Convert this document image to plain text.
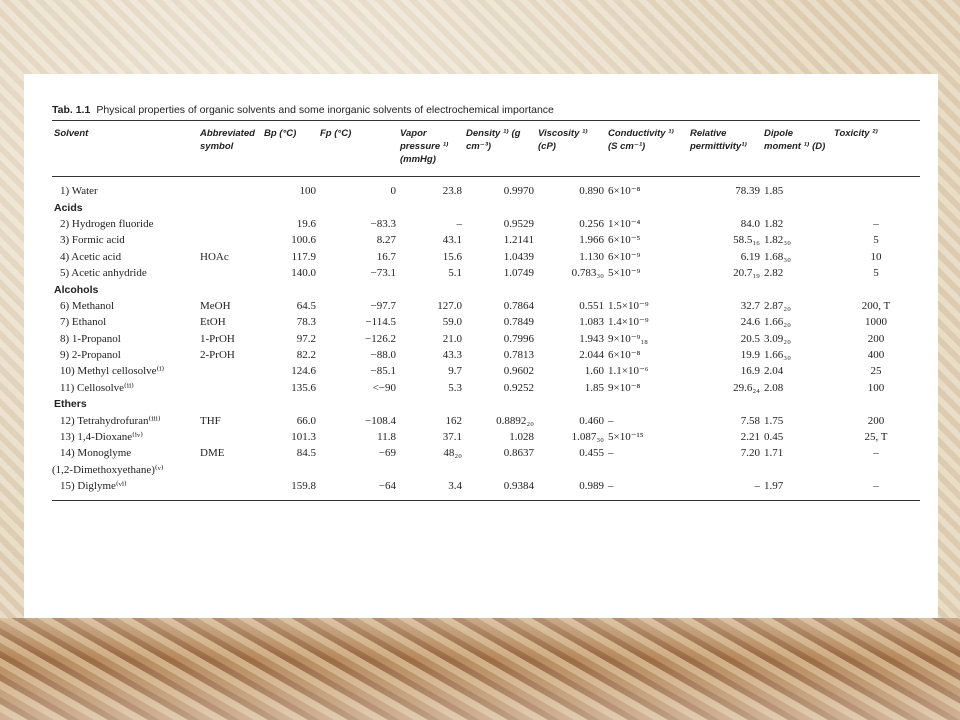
Tab. 1.1 Physical properties of organic solvents and some inorganic solvents of electrochemical importance
Solvent	Abbreviated symbol	Bp (°C)	Fp (°C)	Vapor pressure ¹⁾ (mmHg)	Density ¹⁾ (g cm⁻³)	Viscosity ¹⁾ (cP)	Conductivity ¹⁾ (S cm⁻¹)	Relative permittivity¹⁾	Dipole moment ¹⁾ (D)	Toxicity ²⁾
1) Water		100	0	23.8	0.9970	0.890	6×10⁻⁸	78.39	1.85	
Acids										
2) Hydrogen fluoride		19.6	−83.3	–	0.9529	0.256	1×10⁻⁴	84.0	1.82	–
3) Formic acid		100.6	8.27	43.1	1.2141	1.966	6×10⁻⁵	58.5₁₆	1.82₃₀	5
4) Acetic acid	HOAc	117.9	16.7	15.6	1.0439	1.130	6×10⁻⁹	6.19	1.68₃₀	10
5) Acetic anhydride		140.0	−73.1	5.1	1.0749	0.783₃₀	5×10⁻⁹	20.7₁₉	2.82	5
Alcohols										
6) Methanol	MeOH	64.5	−97.7	127.0	0.7864	0.551	1.5×10⁻⁹	32.7	2.87₂₀	200, T
7) Ethanol	EtOH	78.3	−114.5	59.0	0.7849	1.083	1.4×10⁻⁹	24.6	1.66₂₀	1000
8) 1-Propanol	1-PrOH	97.2	−126.2	21.0	0.7996	1.943	9×10⁻⁹₁₈	20.5	3.09₂₀	200
9) 2-Propanol	2-PrOH	82.2	−88.0	43.3	0.7813	2.044	6×10⁻⁸	19.9	1.66₃₀	400
10) Methyl cellosolve⁽ⁱ⁾		124.6	−85.1	9.7	0.9602	1.60	1.1×10⁻⁶	16.9	2.04	25
11) Cellosolve⁽ⁱⁱ⁾		135.6	<−90	5.3	0.9252	1.85	9×10⁻⁸	29.6₂₄	2.08	100
Ethers										
12) Tetrahydrofuran⁽ⁱⁱⁱ⁾	THF	66.0	−108.4	162	0.8892₂₀	0.460	–	7.58	1.75	200
13) 1,4-Dioxane⁽ⁱᵛ⁾		101.3	11.8	37.1	1.028	1.087₃₀	5×10⁻¹⁵	2.21	0.45	25, T
14) Monoglyme	DME	84.5	−69	48₂₀	0.8637	0.455	–	7.20	1.71	–
(1,2-Dimethoxyethane)⁽ᵛ⁾										
15) Diglyme⁽ᵛⁱ⁾		159.8	−64	3.4	0.9384	0.989	–	–	1.97	–
